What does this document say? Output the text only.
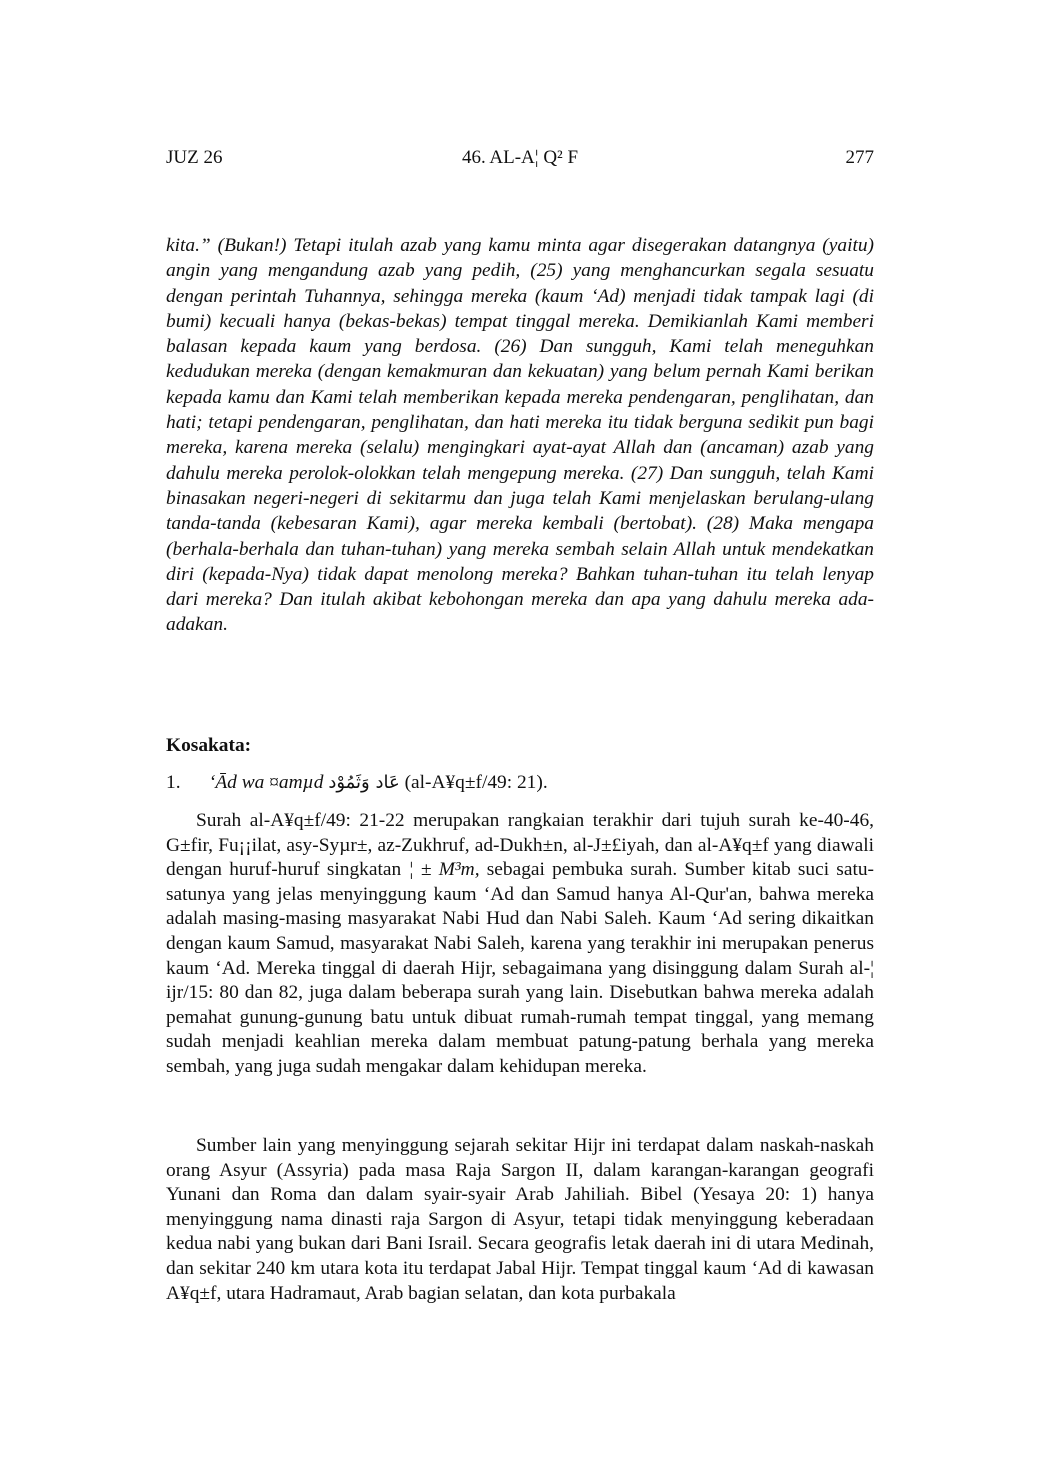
JUZ 26	46. AL-A¦ Q² F	277

kita.” (Bukan!) Tetapi itulah azab yang kamu minta agar disegerakan datangnya (yaitu) angin yang mengandung azab yang pedih, (25) yang menghancurkan segala sesuatu dengan perintah Tuhannya, sehingga mereka (kaum ‘Ad) menjadi tidak tampak lagi (di bumi) kecuali hanya (bekas-bekas) tempat tinggal mereka. Demikianlah Kami memberi balasan kepada kaum yang berdosa. (26) Dan sungguh, Kami telah meneguhkan kedudukan mereka (dengan kemakmuran dan kekuatan) yang belum pernah Kami berikan kepada kamu dan Kami telah memberikan kepada mereka pendengaran, penglihatan, dan hati; tetapi pendengaran, penglihatan, dan hati mereka itu tidak berguna sedikit pun bagi mereka, karena mereka (selalu) mengingkari ayat-ayat Allah dan (ancaman) azab yang dahulu mereka perolok-olokkan telah mengepung mereka. (27) Dan sungguh, telah Kami binasakan negeri-negeri di sekitarmu dan juga telah Kami menjelaskan berulang-ulang tanda-tanda (kebesaran Kami), agar mereka kembali (bertobat). (28) Maka mengapa (berhala-berhala dan tuhan-tuhan) yang mereka sembah selain Allah untuk mendekatkan diri (kepada-Nya) tidak dapat menolong mereka? Bahkan tuhan-tuhan itu telah lenyap dari mereka? Dan itulah akibat kebohongan mereka dan apa yang dahulu mereka ada-adakan.

Kosakata:
1. ‘Ād wa ¤amµd عَاد وَثَمُوْد (al-A¥q±f/49: 21).

Surah al-A¥q±f/49: 21-22 merupakan rangkaian terakhir dari tujuh surah ke-40-46, G±fir, Fu¡¡ilat, asy-Syµr±, az-Zukhruf, ad-Dukh±n, al-J±£iyah, dan al-A¥q±f yang diawali dengan huruf-huruf singkatan ¦ ± M³m, sebagai pembuka surah. Sumber kitab suci satu-satunya yang jelas menyinggung kaum ‘Ad dan Samud hanya Al-Qur'an, bahwa mereka adalah masing-masing masyarakat Nabi Hud dan Nabi Saleh. Kaum ‘Ad sering dikaitkan dengan kaum Samud, masyarakat Nabi Saleh, karena yang terakhir ini merupakan penerus kaum ‘Ad. Mereka tinggal di daerah Hijr, sebagaimana yang disinggung dalam Surah al-¦ ijr/15: 80 dan 82, juga dalam beberapa surah yang lain. Disebutkan bahwa mereka adalah pemahat gunung-gunung batu untuk dibuat rumah-rumah tempat tinggal, yang memang sudah menjadi keahlian mereka dalam membuat patung-patung berhala yang mereka sembah, yang juga sudah mengakar dalam kehidupan mereka.

Sumber lain yang menyinggung sejarah sekitar Hijr ini terdapat dalam naskah-naskah orang Asyur (Assyria) pada masa Raja Sargon II, dalam karangan-karangan geografi Yunani dan Roma dan dalam syair-syair Arab Jahiliah. Bibel (Yesaya 20: 1) hanya menyinggung nama dinasti raja Sargon di Asyur, tetapi tidak menyinggung keberadaan kedua nabi yang bukan dari Bani Israil. Secara geografis letak daerah ini di utara Medinah, dan sekitar 240 km utara kota itu terdapat Jabal Hijr. Tempat tinggal kaum ‘Ad di kawasan A¥q±f, utara Hadramaut, Arab bagian selatan, dan kota purbakala
